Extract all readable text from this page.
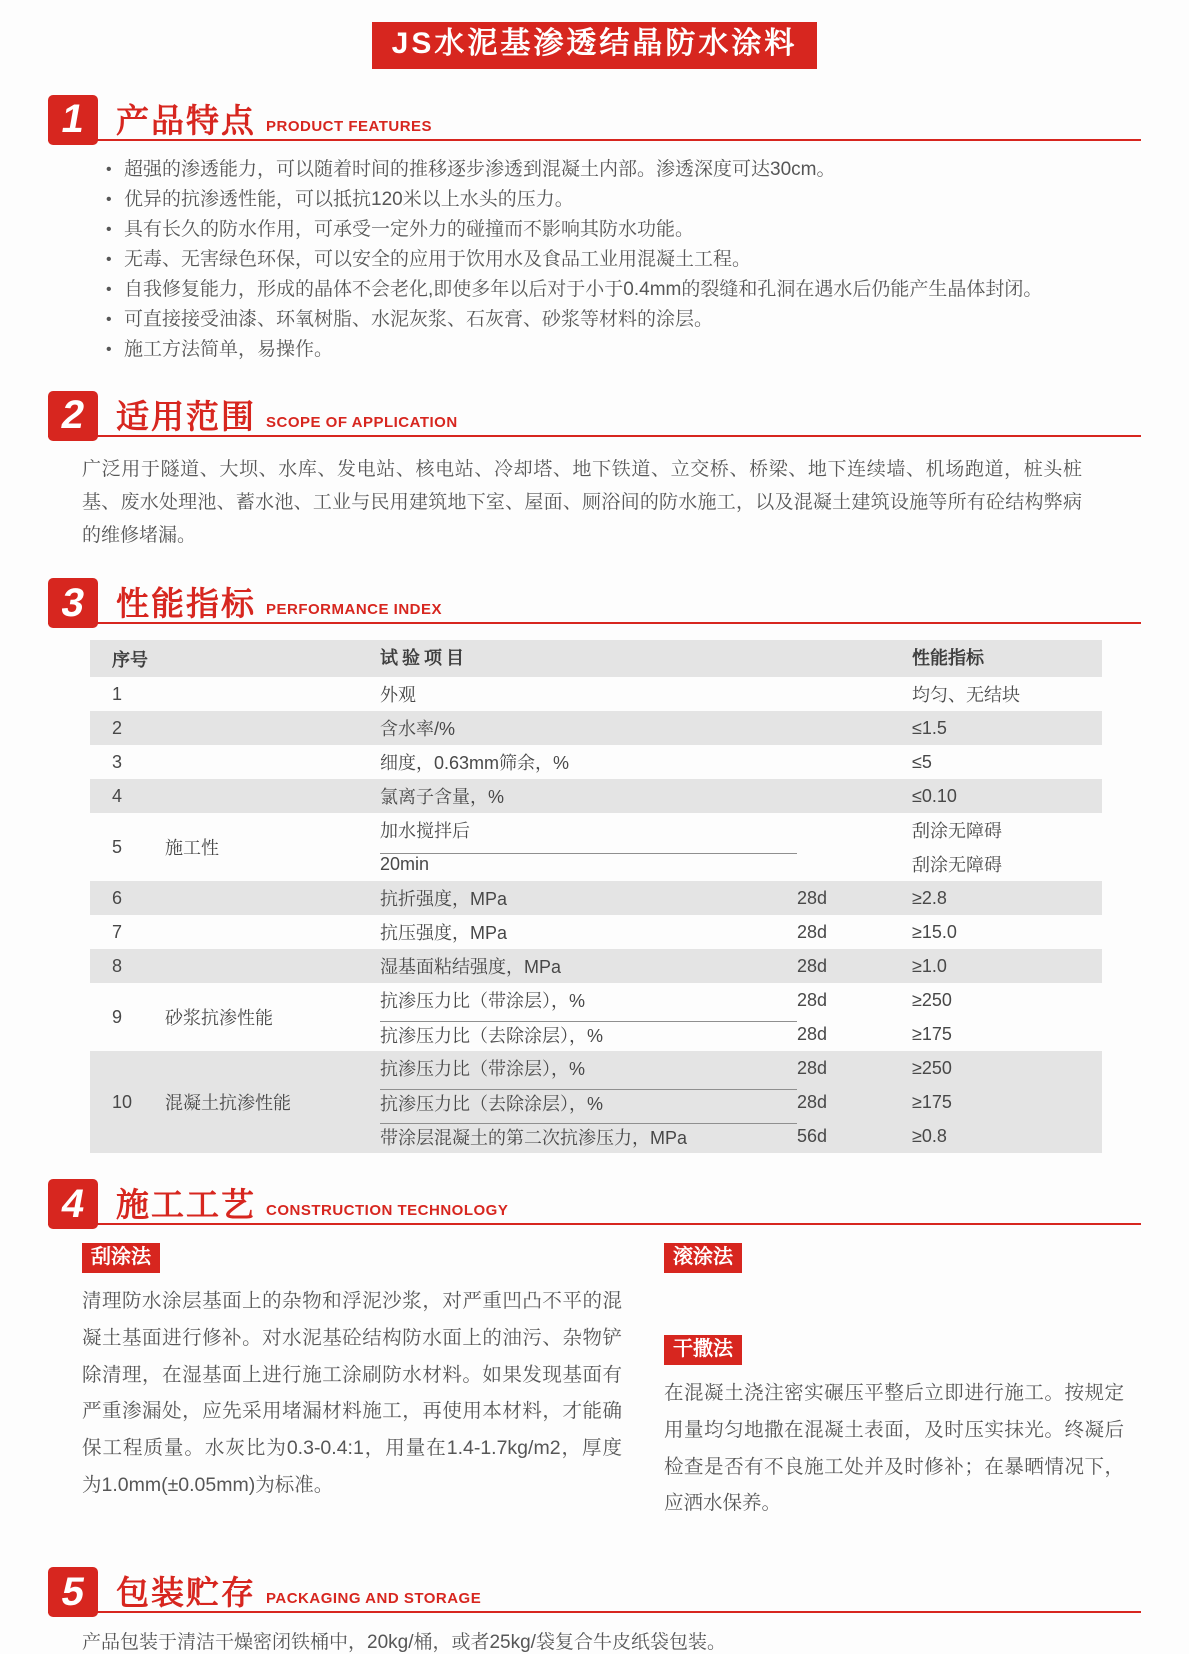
JS水泥基渗透结晶防水涂料
1 产品特点 PRODUCT FEATURES
• 超强的渗透能力，可以随着时间的推移逐步渗透到混凝土内部。渗透深度可达30cm。
• 优异的抗渗透性能，可以抵抗120米以上水头的压力。
• 具有长久的防水作用，可承受一定外力的碰撞而不影响其防水功能。
• 无毒、无害绿色环保，可以安全的应用于饮用水及食品工业用混凝土工程。
• 自我修复能力，形成的晶体不会老化,即使多年以后对于小于0.4mm的裂缝和孔洞在遇水后仍能产生晶体封闭。
• 可直接接受油漆、环氧树脂、水泥灰浆、石灰膏、砂浆等材料的涂层。
• 施工方法简单，易操作。
2 适用范围 SCOPE OF APPLICATION

广泛用于隧道、大坝、水库、发电站、核电站、冷却塔、地下铁道、立交桥、桥梁、地下连续墙、机场跑道，桩头桩基、废水处理池、蓄水池、工业与民用建筑地下室、屋面、厕浴间的防水施工，以及混凝土建筑设施等所有砼结构弊病的维修堵漏。

3 性能指标 PERFORMANCE INDEX
序号	试验项目	性能指标
1	外观	均匀、无结块
2	含水率/%	≤1.5
3	细度，0.63mm筛余，%	≤5
4	氯离子含量，%	≤0.10
5	施工性
加水搅拌后	刮涂无障碍
20min	刮涂无障碍
6	抗折强度，MPa	28d	≥2.8
7	抗压强度，MPa	28d	≥15.0
8	湿基面粘结强度，MPa	28d	≥1.0
9	砂浆抗渗性能
抗渗压力比（带涂层），%	28d	≥250
抗渗压力比（去除涂层），%	28d	≥175
10	混凝土抗渗性能
抗渗压力比（带涂层），%	28d	≥250
抗渗压力比（去除涂层），%	28d	≥175
带涂层混凝土的第二次抗渗压力，MPa	56d	≥0.8
4 施工工艺 CONSTRUCTION TECHNOLOGY
刮涂法

清理防水涂层基面上的杂物和浮泥沙浆，对严重凹凸不平的混凝土基面进行修补。对水泥基砼结构防水面上的油污、杂物铲除清理，在湿基面上进行施工涂刷防水材料。如果发现基面有严重渗漏处，应先采用堵漏材料施工，再使用本材料，才能确保工程质量。水灰比为0.3-0.4:1，用量在1.4-1.7kg/m2，厚度为1.0mm(±0.05mm)为标准。

滚涂法
干撒法

在混凝土浇注密实碾压平整后立即进行施工。按规定用量均匀地撒在混凝土表面，及时压实抹光。终凝后检查是否有不良施工处并及时修补；在暴晒情况下，应洒水保养。

5 包装贮存 PACKAGING AND STORAGE

产品包装于清洁干燥密闭铁桶中，20kg/桶，或者25kg/袋复合牛皮纸袋包装。
